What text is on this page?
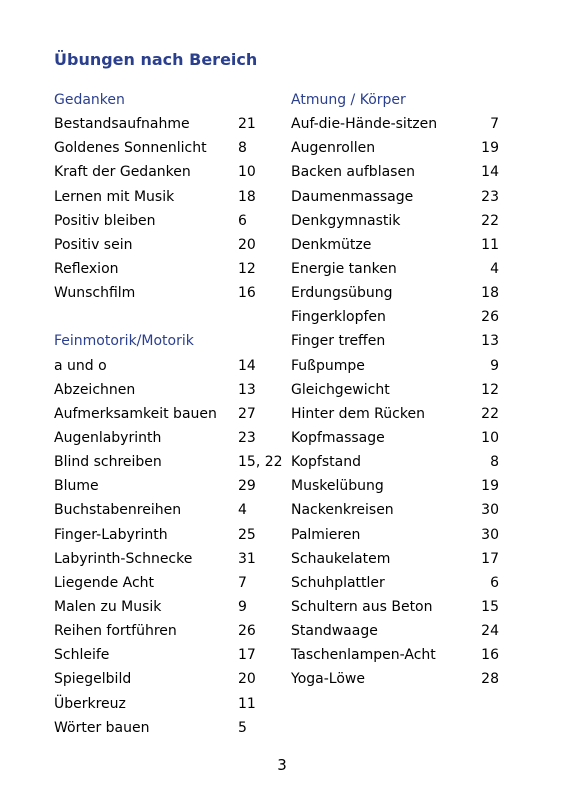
Übungen nach Bereich
Gedanken
Bestandsaufnahme	21
Goldenes Sonnenlicht 8
Kraft der Gedanken	10
Lernen mit Musik	18
Positiv bleiben	6
Positiv sein	20
Reflexion	12
Wunschfilm	16
Feinmotorik/Motorik
a und o	14
Abzeichnen	13
Aufmerksamkeit bauen 27
Augenlabyrinth	23
Blind schreiben	15, 22
Blume	29
Buchstabenreihen	4
Finger-Labyrinth	25
Labyrinth-Schnecke	31
Liegende Acht	7
Malen zu Musik	9
Reihen fortführen	26
Schleife	17
Spiegelbild	20
Überkreuz	11
Wörter bauen	5
Atmung / Körper
Auf-die-Hände-sitzen	7
Augenrollen	19
Backen aufblasen	14
Daumenmassage	23
Denkgymnastik	22
Denkmütze	11
Energie tanken	4
Erdungsübung	18
Fingerklopfen	26
Finger treffen	13
Fußpumpe	9
Gleichgewicht	12
Hinter dem Rücken	22
Kopfmassage	10
Kopfstand	8
Muskelübung	19
Nackenkreisen	30
Palmieren	30
Schaukelatem	17
Schuhplattler	6
Schultern aus Beton	15
Standwaage	24
Taschenlampen-Acht	16
Yoga-Löwe	28
3
